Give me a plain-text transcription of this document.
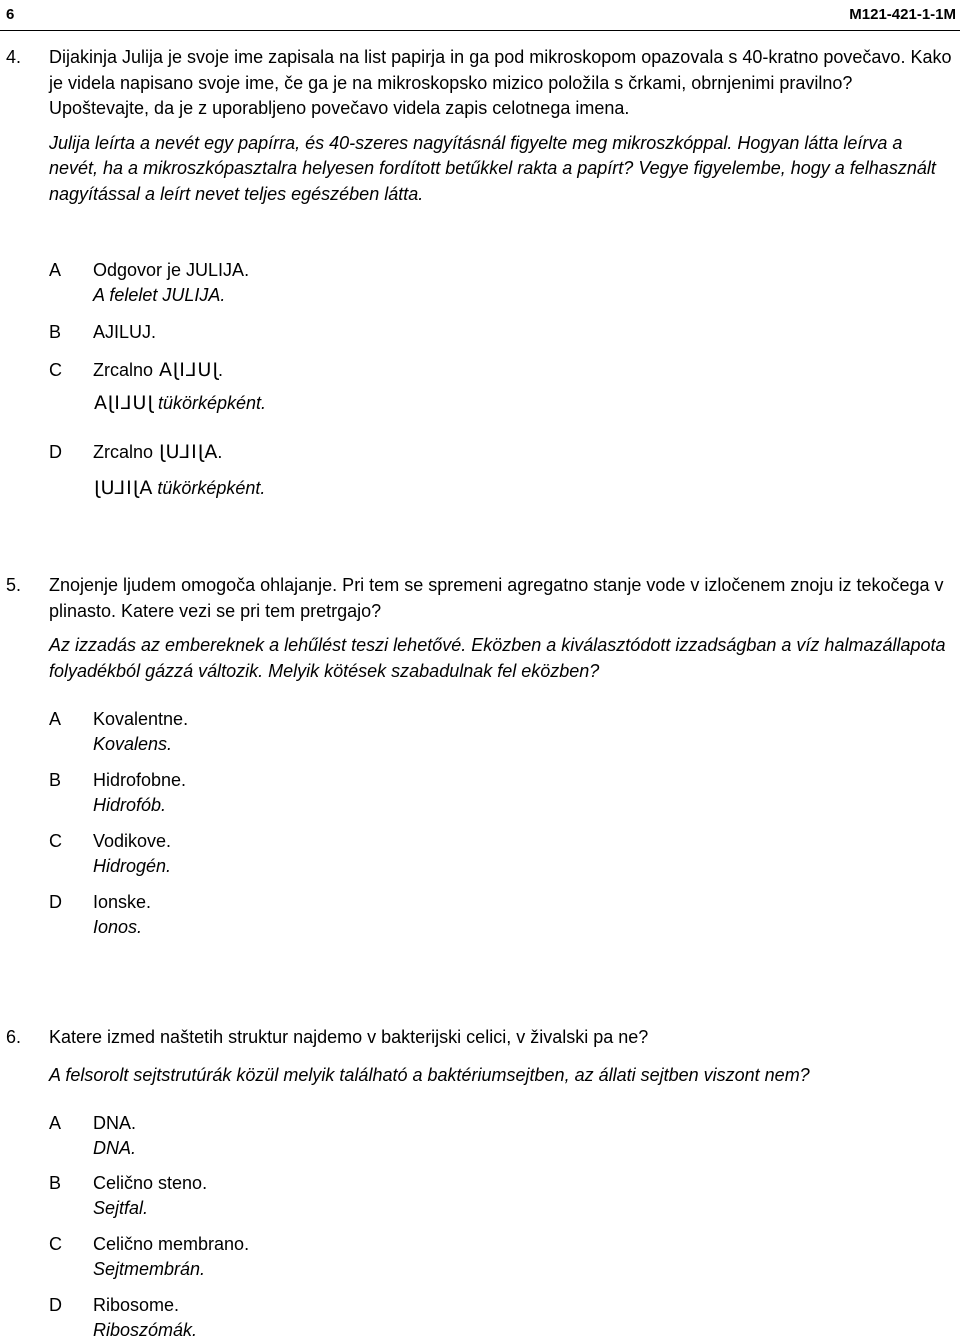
6	M121-421-1-1M
4. Dijakinja Julija je svoje ime zapisala na list papirja in ga pod mikroskopom opazovala s 40-kratno povečavo. Kako je videla napisano svoje ime, če ga je na mikroskopsko mizico položila s črkami, obrnjenimi pravilno? Upoštevajte, da je z uporabljeno povečavo videla zapis celotnega imena.

Julija leírta a nevét egy papírra, és 40-szeres nagyításnál figyelte meg mikroszkóppal. Hogyan látta leírva a nevét, ha a mikroszkópasztalra helyesen fordított betűkkel rakta a papírt? Vegye figyelembe, hogy a felhasznált nagyítással a leírt nevet teljes egészében látta.

A Odgovor je JULIJA.
A felelet JULIJA.
B AJILUJ.
C Zrcalno JULIJA.
JULIJA tükörképként.
D Zrcalno AJILUJ.
AJILUJ tükörképként.
5. Znojenje ljudem omogoča ohlajanje. Pri tem se spremeni agregatno stanje vode v izločenem znoju iz tekočega v plinasto. Katere vezi se pri tem pretrgajo?

Az izzadás az embereknek a lehűlést teszi lehetővé. Eközben a kiválasztódott izzadságban a víz halmazállapota folyadékból gázzá változik. Melyik kötések szabadulnak fel eközben?

A Kovalentne.
Kovalens.
B Hidrofobne.
Hidrofób.
C Vodikove.
Hidrogén.
D Ionske.
Ionos.
6. Katere izmed naštetih struktur najdemo v bakterijski celici, v živalski pa ne?

A felsorolt sejtstrutúrák közül melyik található a baktériumsejtben, az állati sejtben viszont nem?

A DNA.
DNA.
B Celično steno.
Sejtfal.
C Celično membrano.
Sejtmembrán.
D Ribosome.
Riboszómák.
